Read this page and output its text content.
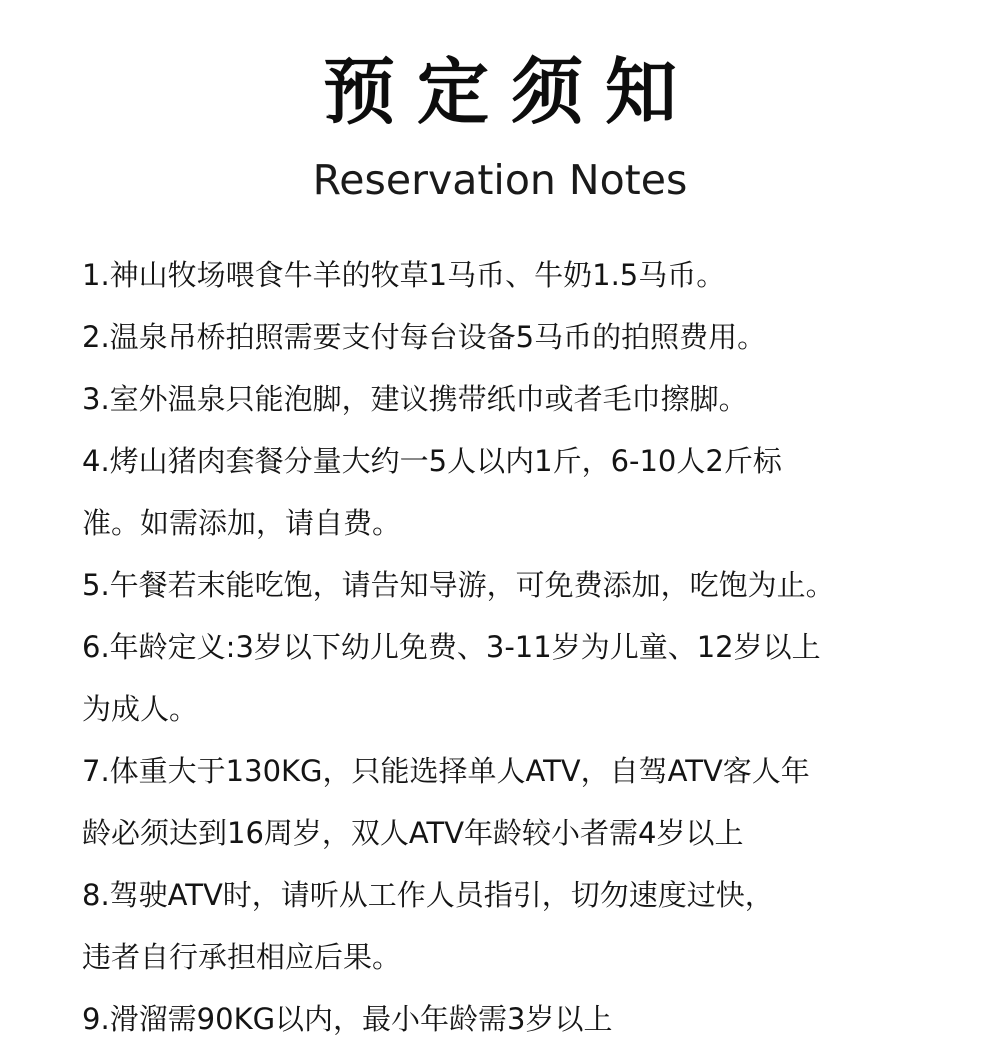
预定须知
Reservation Notes
1.神山牧场喂食牛羊的牧草1马币、牛奶1.5马币。
2.温泉吊桥拍照需要支付每台设备5马币的拍照费用。
3.室外温泉只能泡脚，建议携带纸巾或者毛巾擦脚。
4.烤山猪肉套餐分量大约一5人以内1斤，6-10人2斤标
准。如需添加，请自费。
5.午餐若末能吃饱，请告知导游，可免费添加，吃饱为止。
6.年龄定义:3岁以下幼儿免费、3-11岁为儿童、12岁以上
为成人。
7.体重大于130KG，只能选择单人ATV，自驾ATV客人年
龄必须达到16周岁，双人ATV年龄较小者需4岁以上
8.驾驶ATV时，请听从工作人员指引，切勿速度过快，
违者自行承担相应后果。
9.滑溜需90KG以内，最小年龄需3岁以上
